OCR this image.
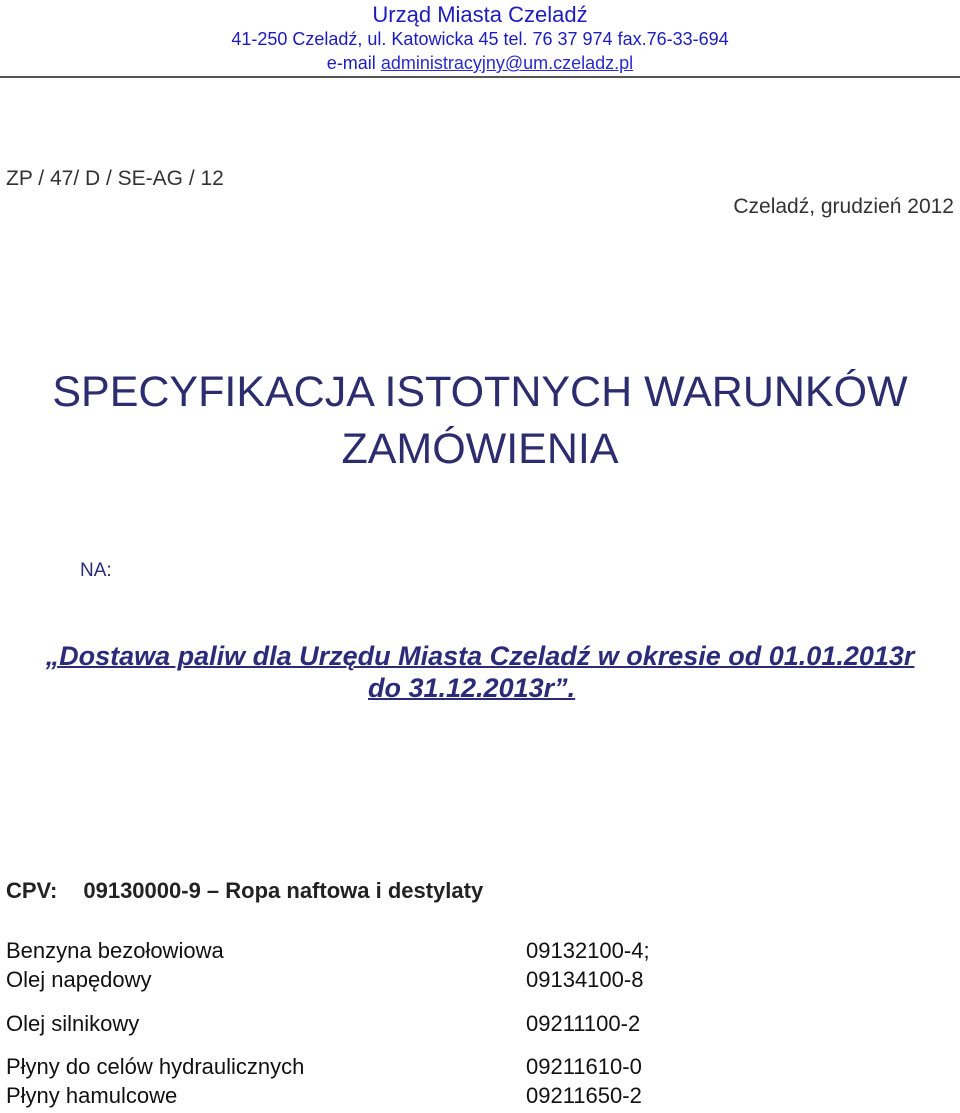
Urząd Miasta Czeladź
41-250 Czeladź, ul. Katowicka 45 tel. 76 37 974 fax.76-33-694
e-mail administracyjny@um.czeladz.pl
ZP / 47/ D / SE-AG / 12
Czeladź, grudzień 2012
SPECYFIKACJA ISTOTNYCH WARUNKÓW
ZAMÓWIENIA
NA:
„Dostawa paliw dla Urzędu Miasta Czeladź w okresie od 01.01.2013r
do 31.12.2013r”.
CPV: 09130000-9 – Ropa naftowa i destylaty
Benzyna bezołowiowa	09132100-4;
Olej napędowy	09134100-8
Olej silnikowy	09211100-2
Płyny do celów hydraulicznych	09211610-0
Płyny hamulcowe	09211650-2
